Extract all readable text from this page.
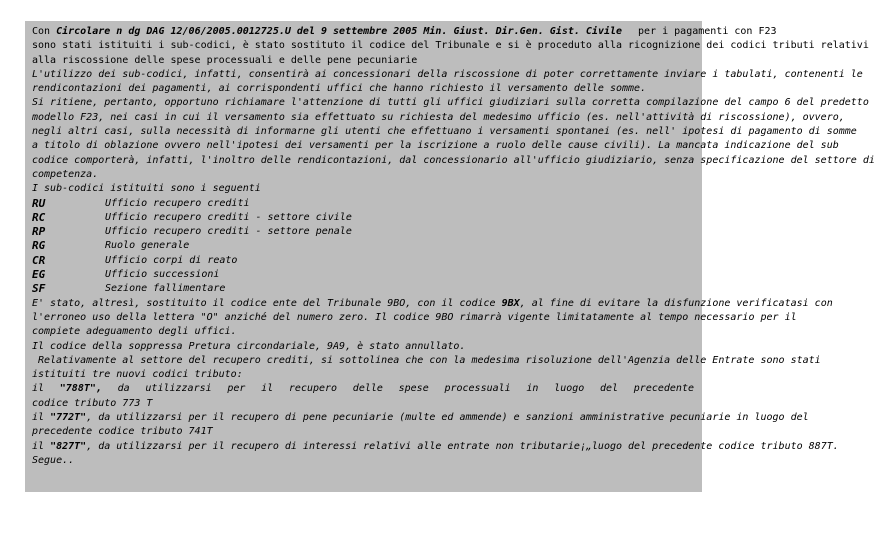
Con Circolare n dg DAG 12/06/2005.0012725.U del 9 settembre 2005 Min. Giust. Dir.Gen. Gist. Civile per i pagamenti con F23
sono stati istituiti i sub-codici, è stato sostituto il codice del Tribunale e si è proceduto alla ricognizione dei codici tributi relativi
alla riscossione delle spese processuali e delle pene pecuniarie
L'utilizzo dei sub-codici, infatti, consentirà ai concessionari della riscossione di poter correttamente inviare i tabulati, contenenti le
rendicontazioni dei pagamenti, ai corrispondenti uffici che hanno richiesto il versamento delle somme.
Si ritiene, pertanto, opportuno richiamare l'attenzione di tutti gli uffici giudiziari sulla corretta compilazione del campo 6 del predetto
modello F23, nei casi in cui il versamento sia effettuato su richiesta del medesimo ufficio (es. nell'attività di riscossione), ovvero,
negli altri casi, sulla necessità di informarne gli utenti che effettuano i versamenti spontanei (es. nell' ipotesi di pagamento di somme
a titolo di oblazione ovvero nell'ipotesi dei versamenti per la iscrizione a ruolo delle cause civili). La mancata indicazione del sub
codice comporterà, infatti, l'inoltro delle rendicontazioni, dal concessionario all'ufficio giudiziario, senza specificazione del settore di
competenza.
I sub-codici istituiti sono i seguenti
RU	Ufficio recupero crediti
RC	Ufficio recupero crediti - settore civile
RP	Ufficio recupero crediti - settore penale
RG	Ruolo generale
CR	Ufficio corpi di reato
EG	Ufficio successioni
SF	Sezione fallimentare
E' stato, altresì, sostituito il codice ente del Tribunale 9BO, con il codice 9BX, al fine di evitare la disfunzione verificatasi con
l'erroneo uso della lettera "O" anziché del numero zero. Il codice 9BO rimarrà vigente limitatamente al tempo necessario per il
compiete adeguamento degli uffici.
Il codice della soppressa Pretura circondariale, 9A9, è stato annullato.
Relativamente al settore del recupero crediti, si sottolinea che con la medesima risoluzione dell'Agenzia delle Entrate sono stati
istituiti tre nuovi codici tributo:
il "788T", da utilizzarsi per il recupero delle spese processuali in luogo del precedente
codice tributo 773 T
il "772T", da utilizzarsi per il recupero di pene pecuniarie (multe ed ammende) e sanzioni amministrative pecuniarie in luogo del
precedente codice tributo 741T
il "827T", da utilizzarsi per il recupero di interessi relativi alle entrate non tributarie¡„luogo del precedente codice tributo 887T.
Segue..
